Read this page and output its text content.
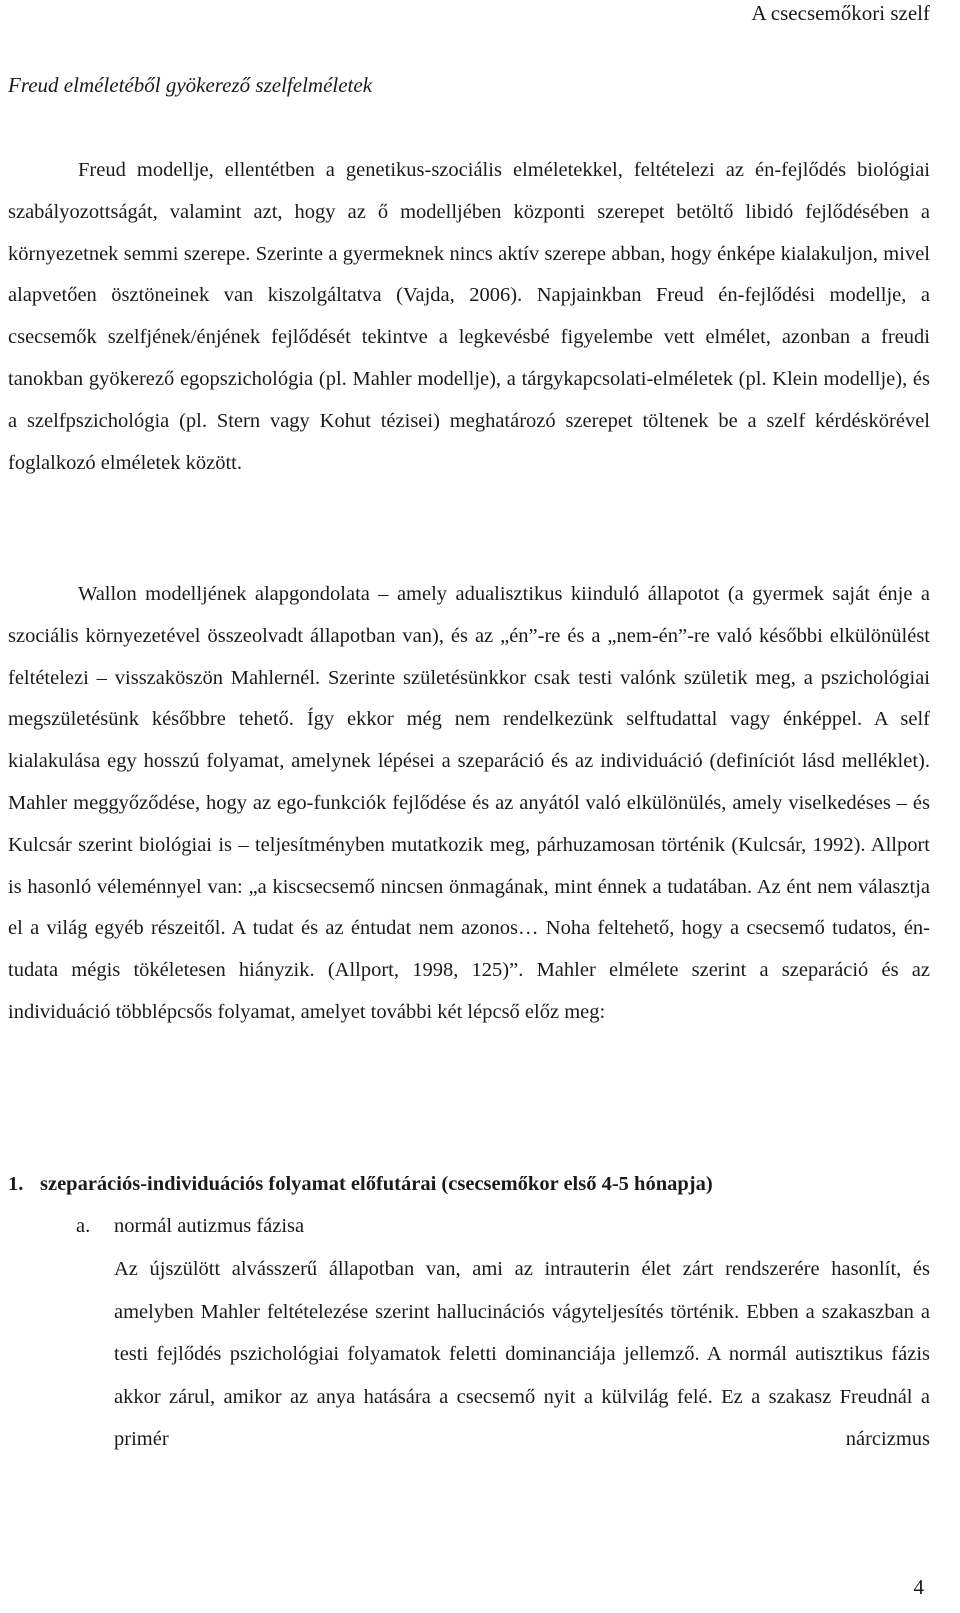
A csecsemőkori szelf
Freud elméletéből gyökerező szelfelméletek

Freud modellje, ellentétben a genetikus-szociális elméletekkel, feltételezi az én-fejlődés biológiai szabályozottságát, valamint azt, hogy az ő modelljében központi szerepet betöltő libidó fejlődésében a környezetnek semmi szerepe. Szerinte a gyermeknek nincs aktív szerepe abban, hogy énképe kialakuljon, mivel alapvetően ösztöneinek van kiszolgáltatva (Vajda, 2006). Napjainkban Freud én-fejlődési modellje, a csecsemők szelfjének/énjének fejlődését tekintve a legkevésbé figyelembe vett elmélet, azonban a freudi tanokban gyökerező egopszichológia (pl. Mahler modellje), a tárgykapcsolati-elméletek (pl. Klein modellje), és a szelfpszichológia (pl. Stern vagy Kohut tézisei) meghatározó szerepet töltenek be a szelf kérdéskörével foglalkozó elméletek között.

Wallon modelljének alapgondolata – amely adualisztikus kiinduló állapotot (a gyermek saját énje a szociális környezetével összeolvadt állapotban van), és az „én”-re és a „nem-én”-re való későbbi elkülönülést feltételezi – visszaköszön Mahlernél. Szerinte születésünkkor csak testi valónk születik meg, a pszichológiai megszületésünk későbbre tehető. Így ekkor még nem rendelkezünk selftudattal vagy énképpel. A self kialakulása egy hosszú folyamat, amelynek lépései a szeparáció és az individuáció (definíciót lásd melléklet). Mahler meggyőződése, hogy az ego-funkciók fejlődése és az anyától való elkülönülés, amely viselkedéses – és Kulcsár szerint biológiai is – teljesítményben mutatkozik meg, párhuzamosan történik (Kulcsár, 1992). Allport is hasonló véleménnyel van: „a kiscsecsemő nincsen önmagának, mint énnek a tudatában. Az ént nem választja el a világ egyéb részeitől. A tudat és az éntudat nem azonos… Noha feltehető, hogy a csecsemő tudatos, én-tudata mégis tökéletesen hiányzik. (Allport, 1998, 125)”. Mahler elmélete szerint a szeparáció és az individuáció többlépcsős folyamat, amelyet további két lépcső előz meg:

1. szeparációs-individuációs folyamat előfutárai (csecsemőkor első 4-5 hónapja)
a. normál autizmus fázisa

Az újszülött alvásszerű állapotban van, ami az intrauterin élet zárt rendszerére hasonlít, és amelyben Mahler feltételezése szerint hallucinációs vágyteljesítés történik. Ebben a szakaszban a testi fejlődés pszichológiai folyamatok feletti dominanciája jellemző. A normál autisztikus fázis akkor zárul, amikor az anya hatására a csecsemő nyit a külvilág felé. Ez a szakasz Freudnál a primér nárcizmus

4
